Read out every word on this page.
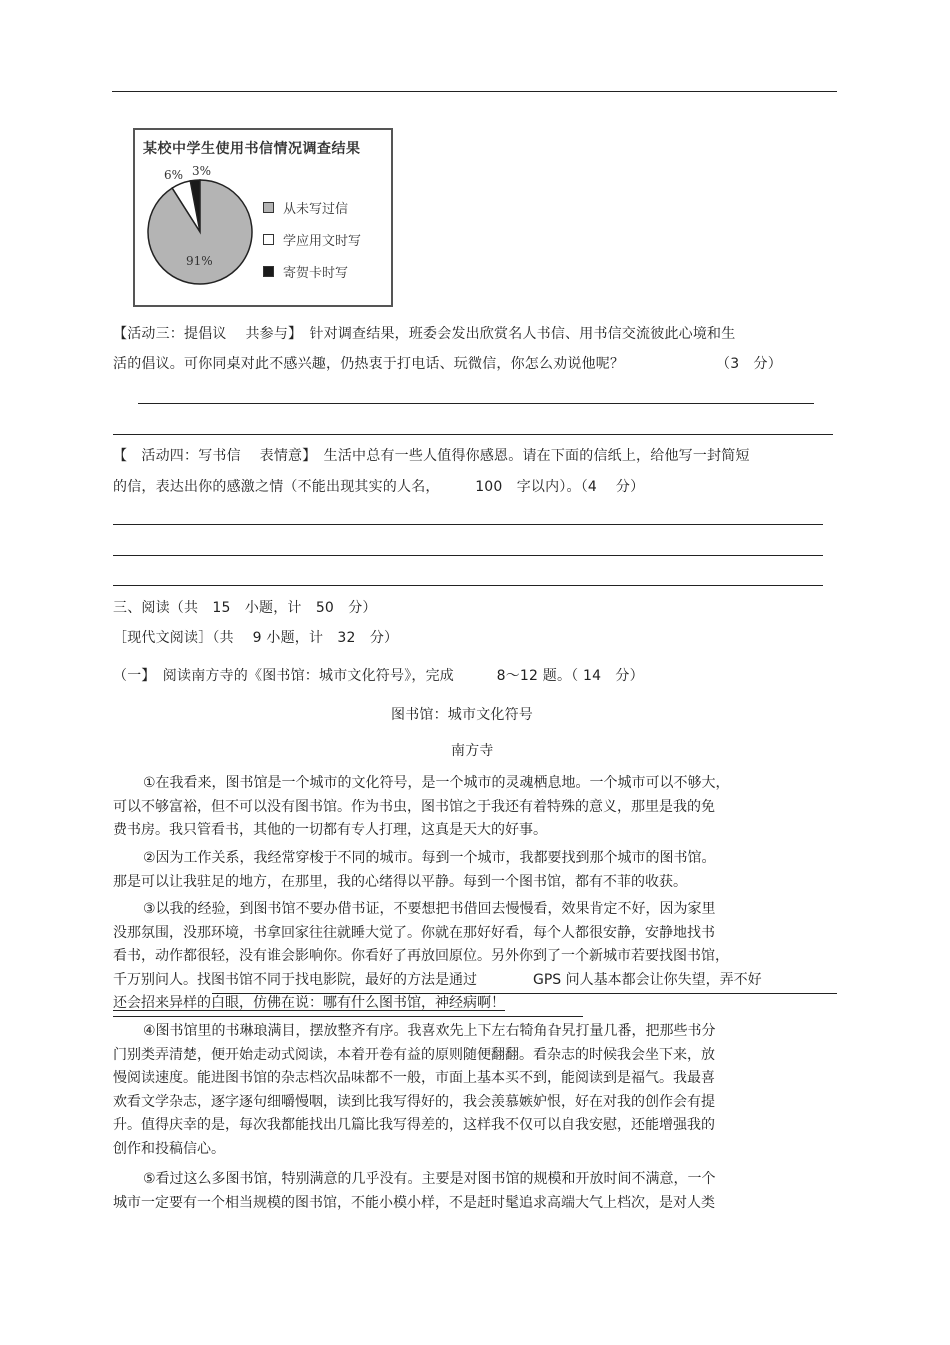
某校中学生使用书信情况调查结果
91%
6% 3%
从未写过信
学应用文时写
寄贺卡时写
【活动三：提倡议　 共参与】　针对调查结果，班委会发出欣赏名人书信、用书信交流彼此心境和生
活的倡议。可你同桌对此不感兴趣，仍热衷于打电话、玩微信，你怎么劝说他呢？	（3　分）
【　活动四：写书信　 表情意】　生活中总有一些人值得你感恩。请在下面的信纸上，给他写一封简短
的信，表达出你的感激之情（不能出现其实的人名，　　　100　字以内）。（4　 分）
三、阅读（共　15　小题，计　50　分）
［现代文阅读］（共　 9 小题，计　32　分）
（一】　阅读南方寺的《图书馆：城市文化符号》，完成　　　8～12 题。（ 14　分）
图书馆：城市文化符号
南方寺
①在我看来，图书馆是一个城市的文化符号，是一个城市的灵魂栖息地。一个城市可以不够大，
可以不够富裕，但不可以没有图书馆。作为书虫，图书馆之于我还有着特殊的意义，那里是我的免
费书房。我只管看书，其他的一切都有专人打理，这真是天大的好事。
②因为工作关系，我经常穿梭于不同的城市。每到一个城市，我都要找到那个城市的图书馆。
那是可以让我驻足的地方，在那里，我的心绪得以平静。每到一个图书馆，都有不菲的收获。
③以我的经验，到图书馆不要办借书证，不要想把书借回去慢慢看，效果肯定不好，因为家里
没那氛围，没那环境，书拿回家往往就睡大觉了。你就在那好好看，每个人都很安静，安静地找书
看书，动作都很轻，没有谁会影响你。你看好了再放回原位。另外你到了一个新城市若要找图书馆，
千万别问人。找图书馆不同于找电影院，最好的方法是通过　　　　GPS 问人基本都会让你失望，弄不好
还会招来异样的白眼，仿佛在说：哪有什么图书馆，神经病啊！
④图书馆里的书琳琅满目，摆放整齐有序。我喜欢先上下左右犄角旮旯打量几番，把那些书分
门别类弄清楚，便开始走动式阅读，本着开卷有益的原则随便翻翻。看杂志的时候我会坐下来，放
慢阅读速度。能进图书馆的杂志档次品味都不一般，市面上基本买不到，能阅读到是福气。我最喜
欢看文学杂志，逐字逐句细嚼慢咽，读到比我写得好的，我会羡慕嫉妒恨，好在对我的创作会有提
升。值得庆幸的是，每次我都能找出几篇比我写得差的，这样我不仅可以自我安慰，还能增强我的
创作和投稿信心。
⑤看过这么多图书馆，特别满意的几乎没有。主要是对图书馆的规模和开放时间不满意，一个
城市一定要有一个相当规模的图书馆，不能小模小样，不是赶时髦追求高端大气上档次，是对人类
